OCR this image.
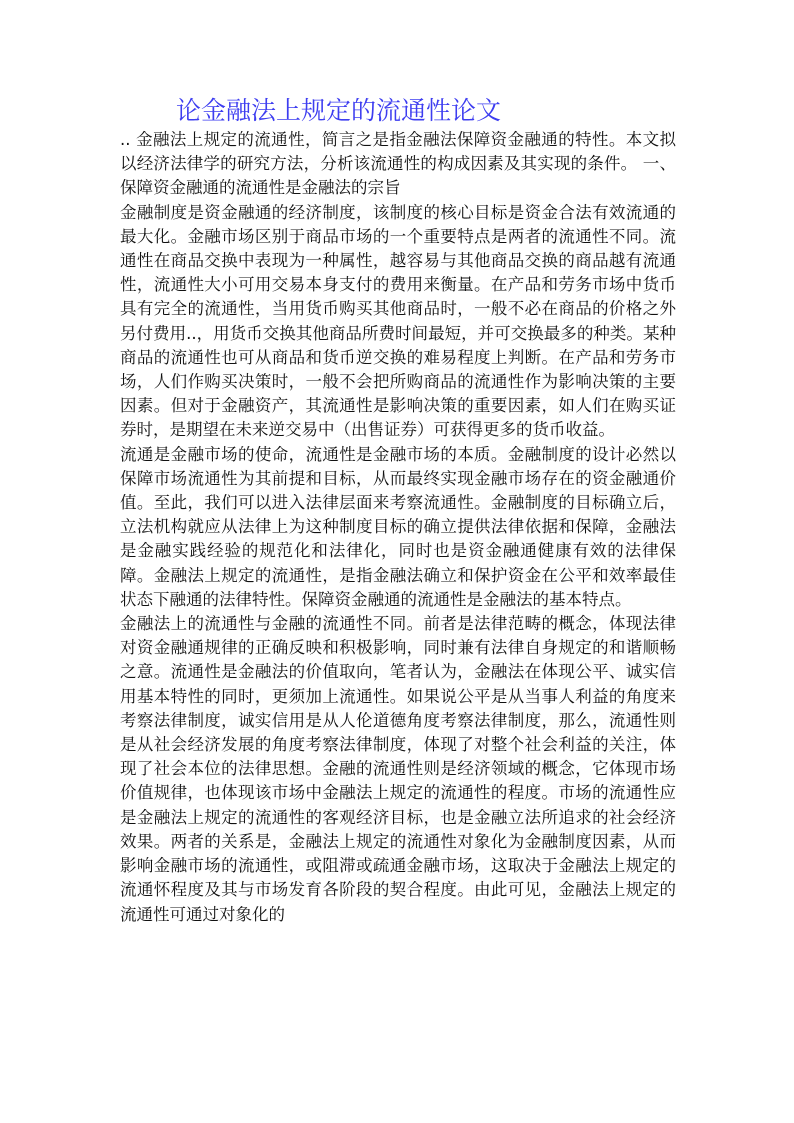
论金融法上规定的流通性论文

.. 金融法上规定的流通性，简言之是指金融法保障资金融通的特性。本文拟以经济法律学的研究方法，分析该流通性的构成因素及其实现的条件。 一、保障资金融通的流通性是金融法的宗旨

金融制度是资金融通的经济制度，该制度的核心目标是资金合法有效流通的最大化。金融市场区别于商品市场的一个重要特点是两者的流通性不同。流通性在商品交换中表现为一种属性，越容易与其他商品交换的商品越有流通性，流通性大小可用交易本身支付的费用来衡量。在产品和劳务市场中货币具有完全的流通性，当用货币购买其他商品时，一般不必在商品的价格之外另付费用..，用货币交换其他商品所费时间最短，并可交换最多的种类。某种商品的流通性也可从商品和货币逆交换的难易程度上判断。在产品和劳务市场，人们作购买决策时，一般不会把所购商品的流通性作为影响决策的主要因素。但对于金融资产，其流通性是影响决策的重要因素，如人们在购买证券时，是期望在未来逆交易中（出售证券）可获得更多的货币收益。

流通是金融市场的使命，流通性是金融市场的本质。金融制度的设计必然以保障市场流通性为其前提和目标，从而最终实现金融市场存在的资金融通价值。至此，我们可以进入法律层面来考察流通性。金融制度的目标确立后，立法机构就应从法律上为这种制度目标的确立提供法律依据和保障，金融法是金融实践经验的规范化和法律化，同时也是资金融通健康有效的法律保障。金融法上规定的流通性，是指金融法确立和保护资金在公平和效率最佳状态下融通的法律特性。保障资金融通的流通性是金融法的基本特点。

金融法上的流通性与金融的流通性不同。前者是法律范畴的概念，体现法律对资金融通规律的正确反映和积极影响，同时兼有法律自身规定的和谐顺畅之意。流通性是金融法的价值取向，笔者认为，金融法在体现公平、诚实信用基本特性的同时，更须加上流通性。如果说公平是从当事人利益的角度来考察法律制度，诚实信用是从人伦道德角度考察法律制度，那么，流通性则是从社会经济发展的角度考察法律制度，体现了对整个社会利益的关注，体现了社会本位的法律思想。金融的流通性则是经济领域的概念，它体现市场价值规律，也体现该市场中金融法上规定的流通性的程度。市场的流通性应是金融法上规定的流通性的客观经济目标，也是金融立法所追求的社会经济效果。两者的关系是，金融法上规定的流通性对象化为金融制度因素，从而影响金融市场的流通性，或阻滞或疏通金融市场，这取决于金融法上规定的流通怀程度及其与市场发育各阶段的契合程度。由此可见，金融法上规定的流通性可通过对象化的
